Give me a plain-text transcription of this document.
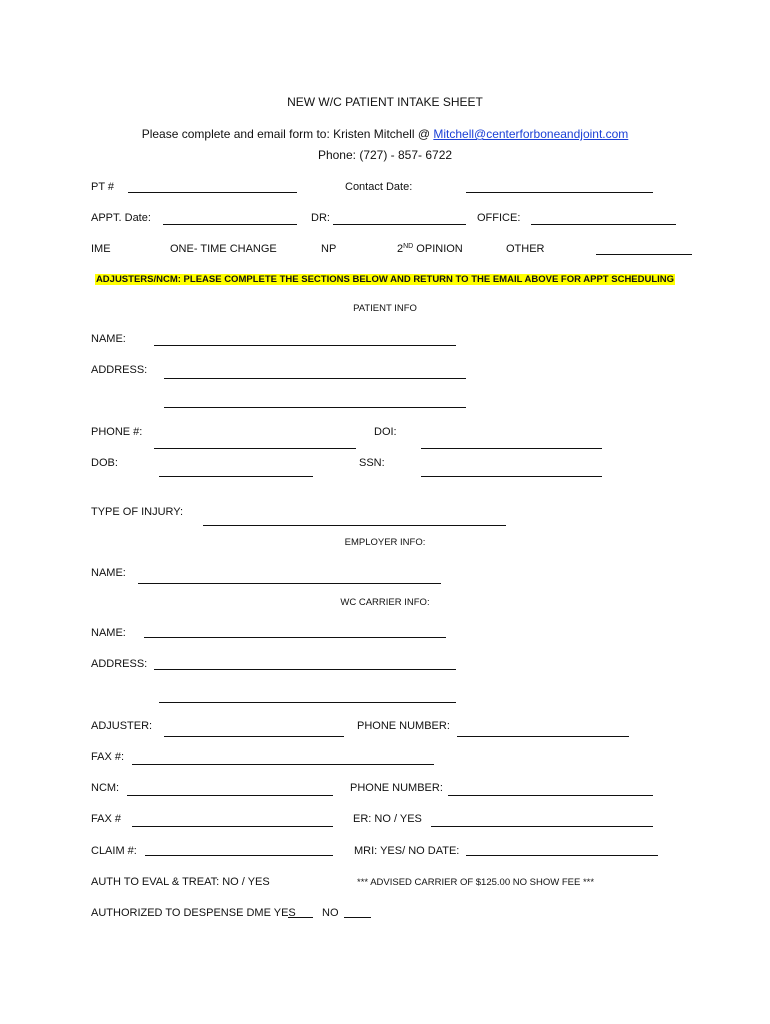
NEW W/C PATIENT INTAKE SHEET
Please complete and email form to: Kristen Mitchell @ Mitchell@centerforboneandjoint.com
Phone: (727) - 857- 6722
PT #	Contact Date:
APPT. Date:	DR:	OFFICE:
IME	ONE- TIME CHANGE	NP	2ND OPINION	OTHER
ADJUSTERS/NCM: PLEASE COMPLETE THE SECTIONS BELOW AND RETURN TO THE EMAIL ABOVE FOR APPT SCHEDULING
PATIENT INFO
NAME:
ADDRESS:
PHONE #:	DOI:
DOB:	SSN:
TYPE OF INJURY:
EMPLOYER INFO:
NAME:
WC CARRIER INFO:
NAME:
ADDRESS:
ADJUSTER:	PHONE NUMBER:
FAX #:
NCM:	PHONE NUMBER:
FAX #	ER: NO / YES
CLAIM #:	MRI: YES/ NO DATE:
AUTH TO EVAL & TREAT: NO / YES	*** ADVISED CARRIER OF $125.00 NO SHOW FEE ***
AUTHORIZED TO DESPENSE DME YES NO
